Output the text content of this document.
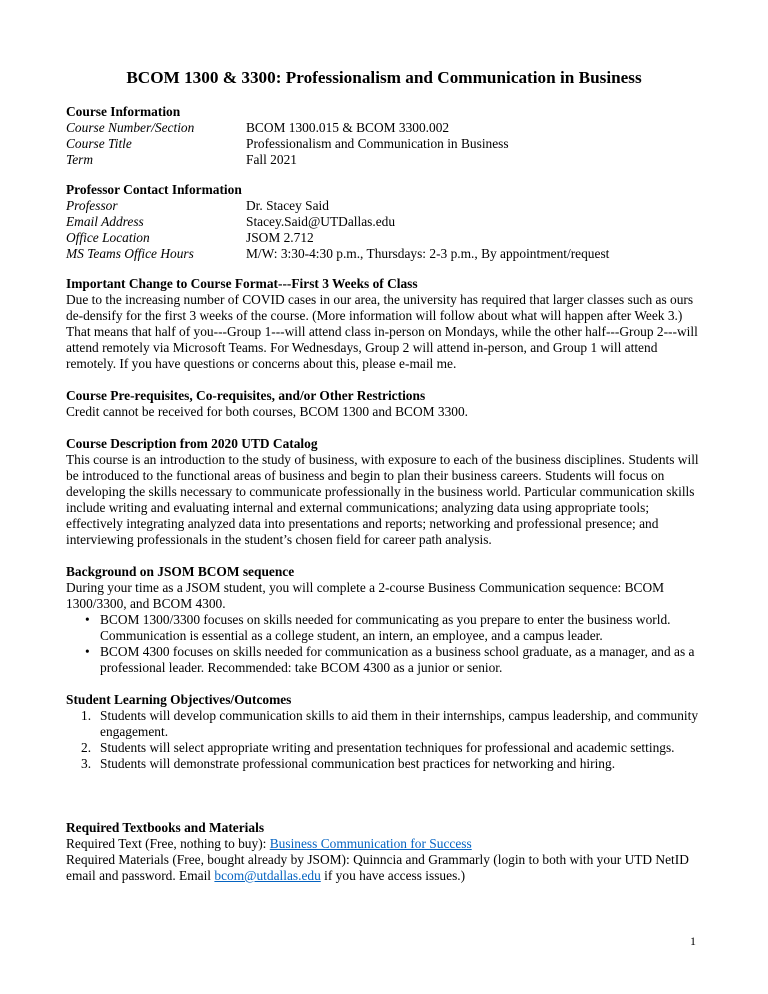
BCOM 1300 & 3300: Professionalism and Communication in Business
Course Information
Course Number/Section	BCOM 1300.015 & BCOM 3300.002
Course Title	Professionalism and Communication in Business
Term	Fall 2021
Professor Contact Information
Professor	Dr. Stacey Said
Email Address	Stacey.Said@UTDallas.edu
Office Location	JSOM 2.712
MS Teams Office Hours	M/W: 3:30-4:30 p.m., Thursdays: 2-3 p.m., By appointment/request
Important Change to Course Format---First 3 Weeks of Class

Due to the increasing number of COVID cases in our area, the university has required that larger classes such as ours de-densify for the first 3 weeks of the course. (More information will follow about what will happen after Week 3.) That means that half of you---Group 1---will attend class in-person on Mondays, while the other half---Group 2---will attend remotely via Microsoft Teams. For Wednesdays, Group 2 will attend in-person, and Group 1 will attend remotely. If you have questions or concerns about this, please e-mail me.

Course Pre-requisites, Co-requisites, and/or Other Restrictions

Credit cannot be received for both courses, BCOM 1300 and BCOM 3300.

Course Description from 2020 UTD Catalog

This course is an introduction to the study of business, with exposure to each of the business disciplines. Students will be introduced to the functional areas of business and begin to plan their business careers. Students will focus on developing the skills necessary to communicate professionally in the business world. Particular communication skills include writing and evaluating internal and external communications; analyzing data using appropriate tools; effectively integrating analyzed data into presentations and reports; networking and professional presence; and interviewing professionals in the student’s chosen field for career path analysis.

Background on JSOM BCOM sequence

During your time as a JSOM student, you will complete a 2-course Business Communication sequence: BCOM 1300/3300, and BCOM 4300.

• BCOM 1300/3300 focuses on skills needed for communicating as you prepare to enter the business world. Communication is essential as a college student, an intern, an employee, and a campus leader.
• BCOM 4300 focuses on skills needed for communication as a business school graduate, as a manager, and as a professional leader. Recommended: take BCOM 4300 as a junior or senior.
Student Learning Objectives/Outcomes
1. Students will develop communication skills to aid them in their internships, campus leadership, and community engagement.
2. Students will select appropriate writing and presentation techniques for professional and academic settings.
3. Students will demonstrate professional communication best practices for networking and hiring.
Required Textbooks and Materials

Required Text (Free, nothing to buy): Business Communication for Success

Required Materials (Free, bought already by JSOM): Quinncia and Grammarly (login to both with your UTD NetID email and password. Email bcom@utdallas.edu if you have access issues.)

1
